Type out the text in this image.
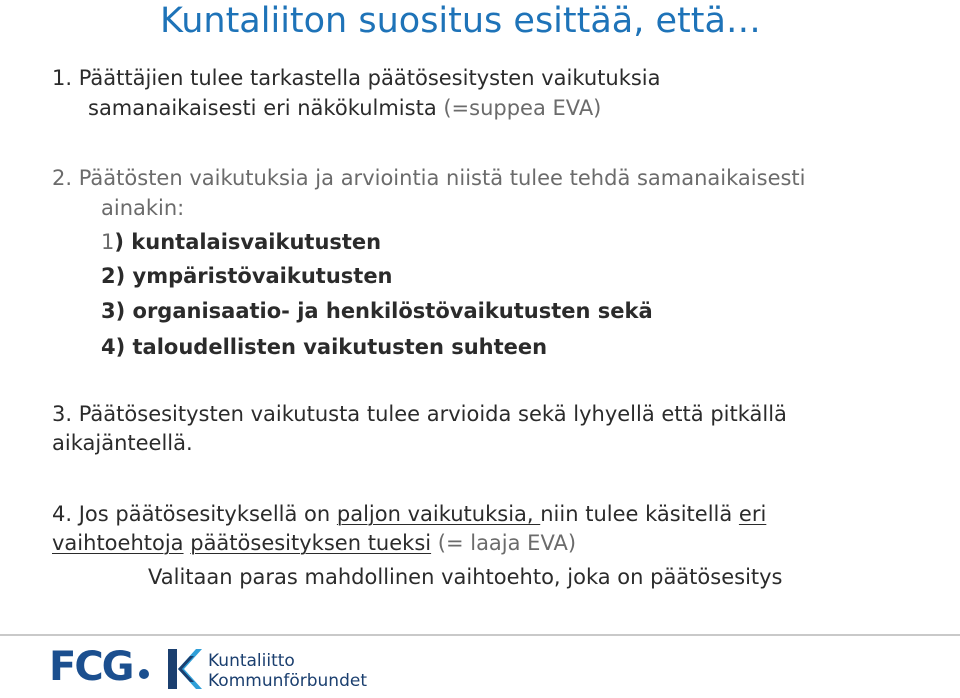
Kuntaliiton suositus esittää, että…
1. Päättäjien tulee tarkastella päätösesitysten vaikutuksia
samanaikaisesti eri näkökulmista (=suppea EVA)
2. Päätösten vaikutuksia ja arviointia niistä tulee tehdä samanaikaisesti
ainakin:
1) kuntalaisvaikutusten
2) ympäristövaikutusten
3) organisaatio- ja henkilöstövaikutusten sekä
4) taloudellisten vaikutusten suhteen
3. Päätösesitysten vaikutusta tulee arvioida sekä lyhyellä että pitkällä
aikajänteellä.
4. Jos päätösesityksellä on paljon vaikutuksia, niin tulee käsitellä eri
vaihtoehtoja päätösesityksen tueksi (= laaja EVA)
Valitaan paras mahdollinen vaihtoehto, joka on päätösesitys
FCG	Kuntaliitto
Kommunförbundet
